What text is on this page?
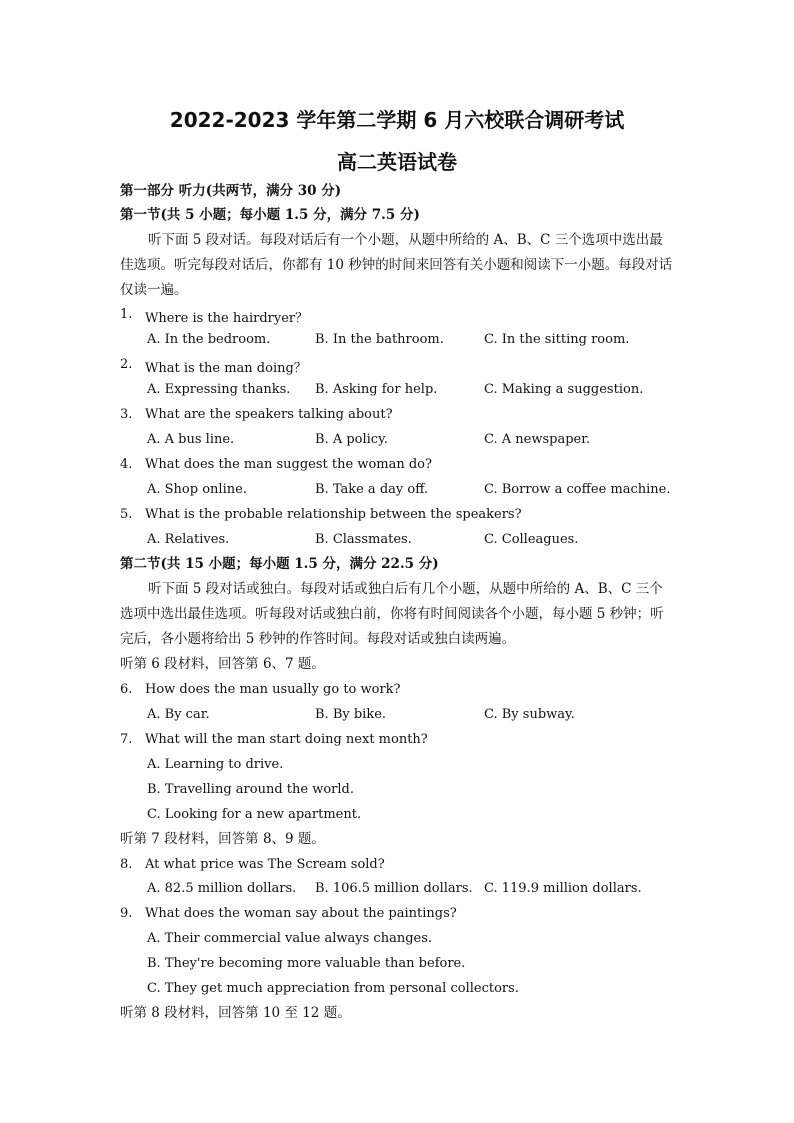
2022-2023 学年第二学期 6 月六校联合调研考试
高二英语试卷
第一部分 听力(共两节，满分 30 分)
第一节(共 5 小题；每小题 1.5 分，满分 7.5 分)
听下面 5 段对话。每段对话后有一个小题，从题中所给的 A、B、C 三个选项中选出最佳选项。听完每段对话后，你都有 10 秒钟的时间来回答有关小题和阅读下一小题。每段对话仅读一遍。
1. Where is the hairdryer？
A. In the bedroom.	B. In the bathroom.	C. In the sitting room.
2. What is the man doing？
A. Expressing thanks. B. Asking for help.	C. Making a suggestion.
3. What are the speakers talking about?
A. A bus line.	B. A policy.	C. A newspaper.
4. What does the man suggest the woman do?
A. Shop online.	B. Take a day off.	C. Borrow a coffee machine.
5. What is the probable relationship between the speakers?
A. Relatives.	B. Classmates.	C. Colleagues.
第二节(共 15 小题；每小题 1.5 分，满分 22.5 分)
听下面 5 段对话或独白。每段对话或独白后有几个小题，从题中所给的 A、B、C 三个选项中选出最佳选项。听每段对话或独白前，你将有时间阅读各个小题，每小题 5 秒钟；听完后，各小题将给出 5 秒钟的作答时间。每段对话或独白读两遍。
听第 6 段材料，回答第 6、7 题。
6. How does the man usually go to work?
A. By car.	B. By bike.	C. By subway.
7. What will the man start doing next month?
A. Learning to drive.
B. Travelling around the world.
C. Looking for a new apartment.
听第 7 段材料，回答第 8、9 题。
8. At what price was The Scream sold?
A. 82.5 million dollars. B. 106.5 million dollars. C. 119.9 million dollars.
9. What does the woman say about the paintings?
A. Their commercial value always changes.
B. They're becoming more valuable than before.
C. They get much appreciation from personal collectors.
听第 8 段材料，回答第 10 至 12 题。
